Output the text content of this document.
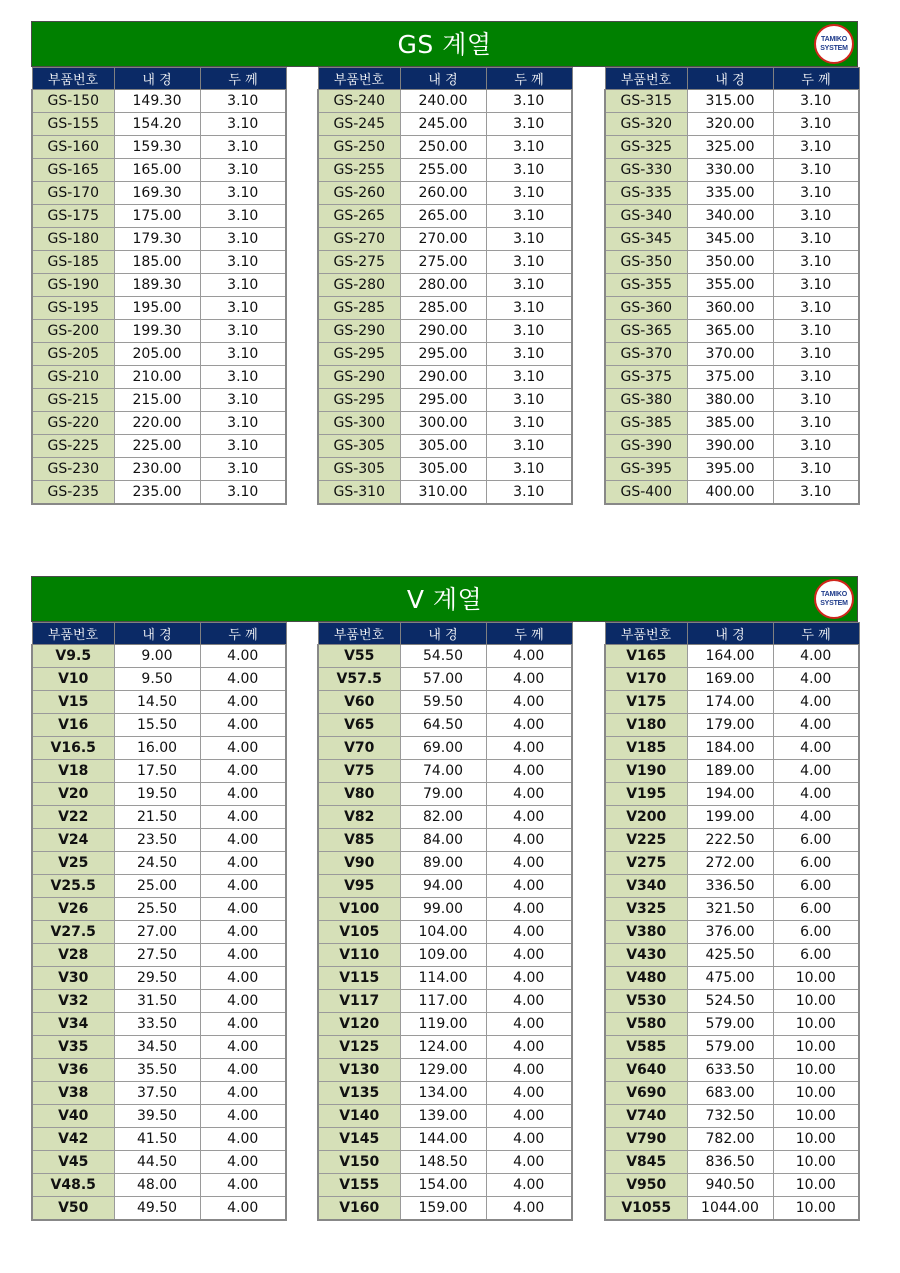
GS 계열	TAMIKO
SYSTEM
부품번호	내 경	두 께
GS-150	149.30	3.10
GS-155	154.20	3.10
GS-160	159.30	3.10
GS-165	165.00	3.10
GS-170	169.30	3.10
GS-175	175.00	3.10
GS-180	179.30	3.10
GS-185	185.00	3.10
GS-190	189.30	3.10
GS-195	195.00	3.10
GS-200	199.30	3.10
GS-205	205.00	3.10
GS-210	210.00	3.10
GS-215	215.00	3.10
GS-220	220.00	3.10
GS-225	225.00	3.10
GS-230	230.00	3.10
GS-235	235.00	3.10
부품번호	내 경	두 께
GS-240	240.00	3.10
GS-245	245.00	3.10
GS-250	250.00	3.10
GS-255	255.00	3.10
GS-260	260.00	3.10
GS-265	265.00	3.10
GS-270	270.00	3.10
GS-275	275.00	3.10
GS-280	280.00	3.10
GS-285	285.00	3.10
GS-290	290.00	3.10
GS-295	295.00	3.10
GS-290	290.00	3.10
GS-295	295.00	3.10
GS-300	300.00	3.10
GS-305	305.00	3.10
GS-305	305.00	3.10
GS-310	310.00	3.10
부품번호	내 경	두 께
GS-315	315.00	3.10
GS-320	320.00	3.10
GS-325	325.00	3.10
GS-330	330.00	3.10
GS-335	335.00	3.10
GS-340	340.00	3.10
GS-345	345.00	3.10
GS-350	350.00	3.10
GS-355	355.00	3.10
GS-360	360.00	3.10
GS-365	365.00	3.10
GS-370	370.00	3.10
GS-375	375.00	3.10
GS-380	380.00	3.10
GS-385	385.00	3.10
GS-390	390.00	3.10
GS-395	395.00	3.10
GS-400	400.00	3.10
V 계열	TAMIKO
SYSTEM
부품번호	내 경	두 께
V9.5	9.00	4.00
V10	9.50	4.00
V15	14.50	4.00
V16	15.50	4.00
V16.5	16.00	4.00
V18	17.50	4.00
V20	19.50	4.00
V22	21.50	4.00
V24	23.50	4.00
V25	24.50	4.00
V25.5	25.00	4.00
V26	25.50	4.00
V27.5	27.00	4.00
V28	27.50	4.00
V30	29.50	4.00
V32	31.50	4.00
V34	33.50	4.00
V35	34.50	4.00
V36	35.50	4.00
V38	37.50	4.00
V40	39.50	4.00
V42	41.50	4.00
V45	44.50	4.00
V48.5	48.00	4.00
V50	49.50	4.00
부품번호	내 경	두 께
V55	54.50	4.00
V57.5	57.00	4.00
V60	59.50	4.00
V65	64.50	4.00
V70	69.00	4.00
V75	74.00	4.00
V80	79.00	4.00
V82	82.00	4.00
V85	84.00	4.00
V90	89.00	4.00
V95	94.00	4.00
V100	99.00	4.00
V105	104.00	4.00
V110	109.00	4.00
V115	114.00	4.00
V117	117.00	4.00
V120	119.00	4.00
V125	124.00	4.00
V130	129.00	4.00
V135	134.00	4.00
V140	139.00	4.00
V145	144.00	4.00
V150	148.50	4.00
V155	154.00	4.00
V160	159.00	4.00
부품번호	내 경	두 께
V165	164.00	4.00
V170	169.00	4.00
V175	174.00	4.00
V180	179.00	4.00
V185	184.00	4.00
V190	189.00	4.00
V195	194.00	4.00
V200	199.00	4.00
V225	222.50	6.00
V275	272.00	6.00
V340	336.50	6.00
V325	321.50	6.00
V380	376.00	6.00
V430	425.50	6.00
V480	475.00	10.00
V530	524.50	10.00
V580	579.00	10.00
V585	579.00	10.00
V640	633.50	10.00
V690	683.00	10.00
V740	732.50	10.00
V790	782.00	10.00
V845	836.50	10.00
V950	940.50	10.00
V1055	1044.00	10.00
